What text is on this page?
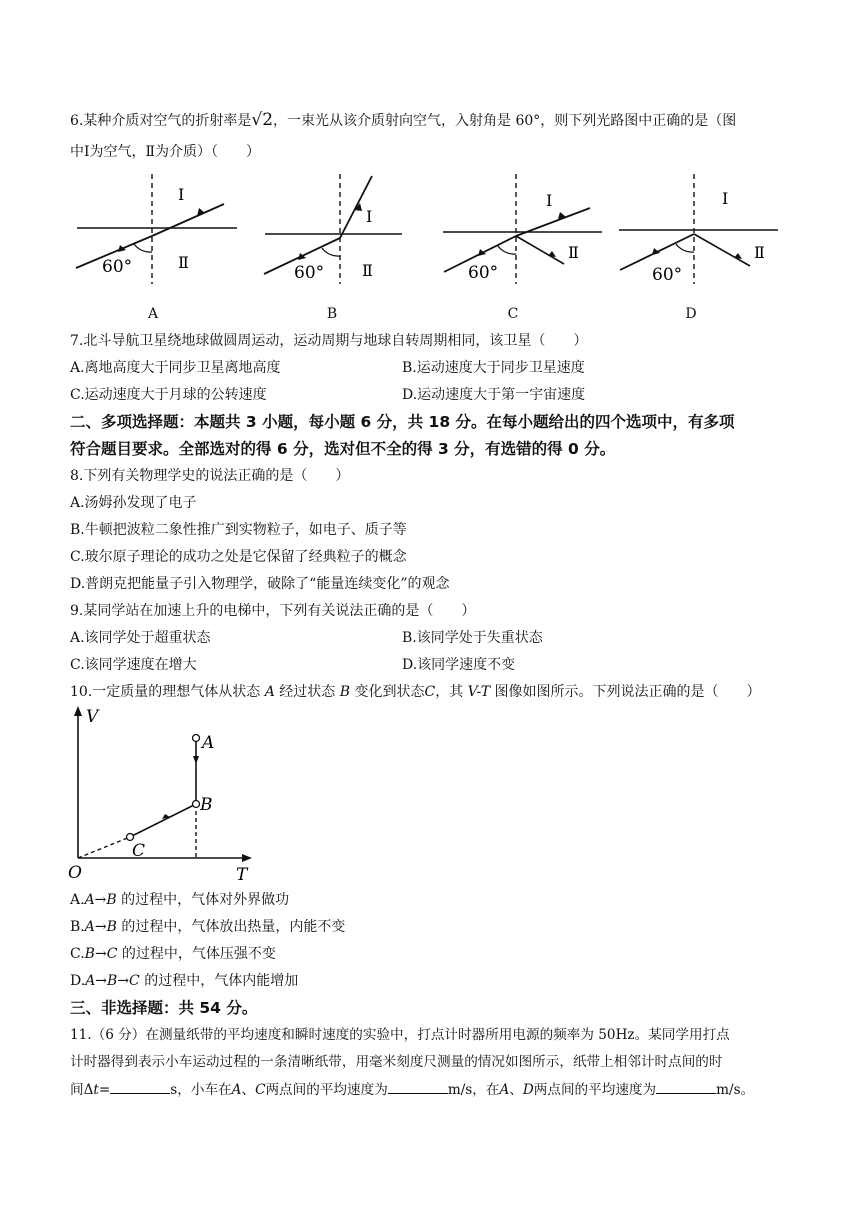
6.某种介质对空气的折射率是√2，一束光从该介质射向空气，入射角是 60°，则下列光路图中正确的是（图
中Ⅰ为空气，Ⅱ为介质）（　　）
60°
Ⅰ
Ⅱ
A
60°
Ⅰ
Ⅱ
B
60°
Ⅰ
Ⅱ
C
60°
Ⅰ
Ⅱ
D
7.北斗导航卫星绕地球做圆周运动，运动周期与地球自转周期相同，该卫星（　　）
A.离地高度大于同步卫星离地高度	B.运动速度大于同步卫星速度
C.运动速度大于月球的公转速度	D.运动速度大于第一宇宙速度
二、多项选择题：本题共 3 小题，每小题 6 分，共 18 分。在每小题给出的四个选项中，有多项
符合题目要求。全部选对的得 6 分，选对但不全的得 3 分，有选错的得 0 分。
8.下列有关物理学史的说法正确的是（　　）
A.汤姆孙发现了电子
B.牛顿把波粒二象性推广到实物粒子，如电子、质子等
C.玻尔原子理论的成功之处是它保留了经典粒子的概念
D.普朗克把能量子引入物理学，破除了“能量连续变化”的观念
9.某同学站在加速上升的电梯中，下列有关说法正确的是（　　）
A.该同学处于超重状态	B.该同学处于失重状态
C.该同学速度在增大	D.该同学速度不变
10.一定质量的理想气体从状态 A 经过状态 B 变化到状态C，其 V-T 图像如图所示。下列说法正确的是（　　）
V
T
O
A
B
C
A.A→B 的过程中，气体对外界做功
B.A→B 的过程中，气体放出热量，内能不变
C.B→C 的过程中，气体压强不变
D.A→B→C 的过程中，气体内能增加
三、非选择题：共 54 分。
11.（6 分）在测量纸带的平均速度和瞬时速度的实验中，打点计时器所用电源的频率为 50Hz。某同学用打点
计时器得到表示小车运动过程的一条清晰纸带，用毫米刻度尺测量的情况如图所示，纸带上相邻计时点间的时
间Δt=	s，小车在A、C两点间的平均速度为	m/s，在A、D两点间的平均速度为	m/s。
